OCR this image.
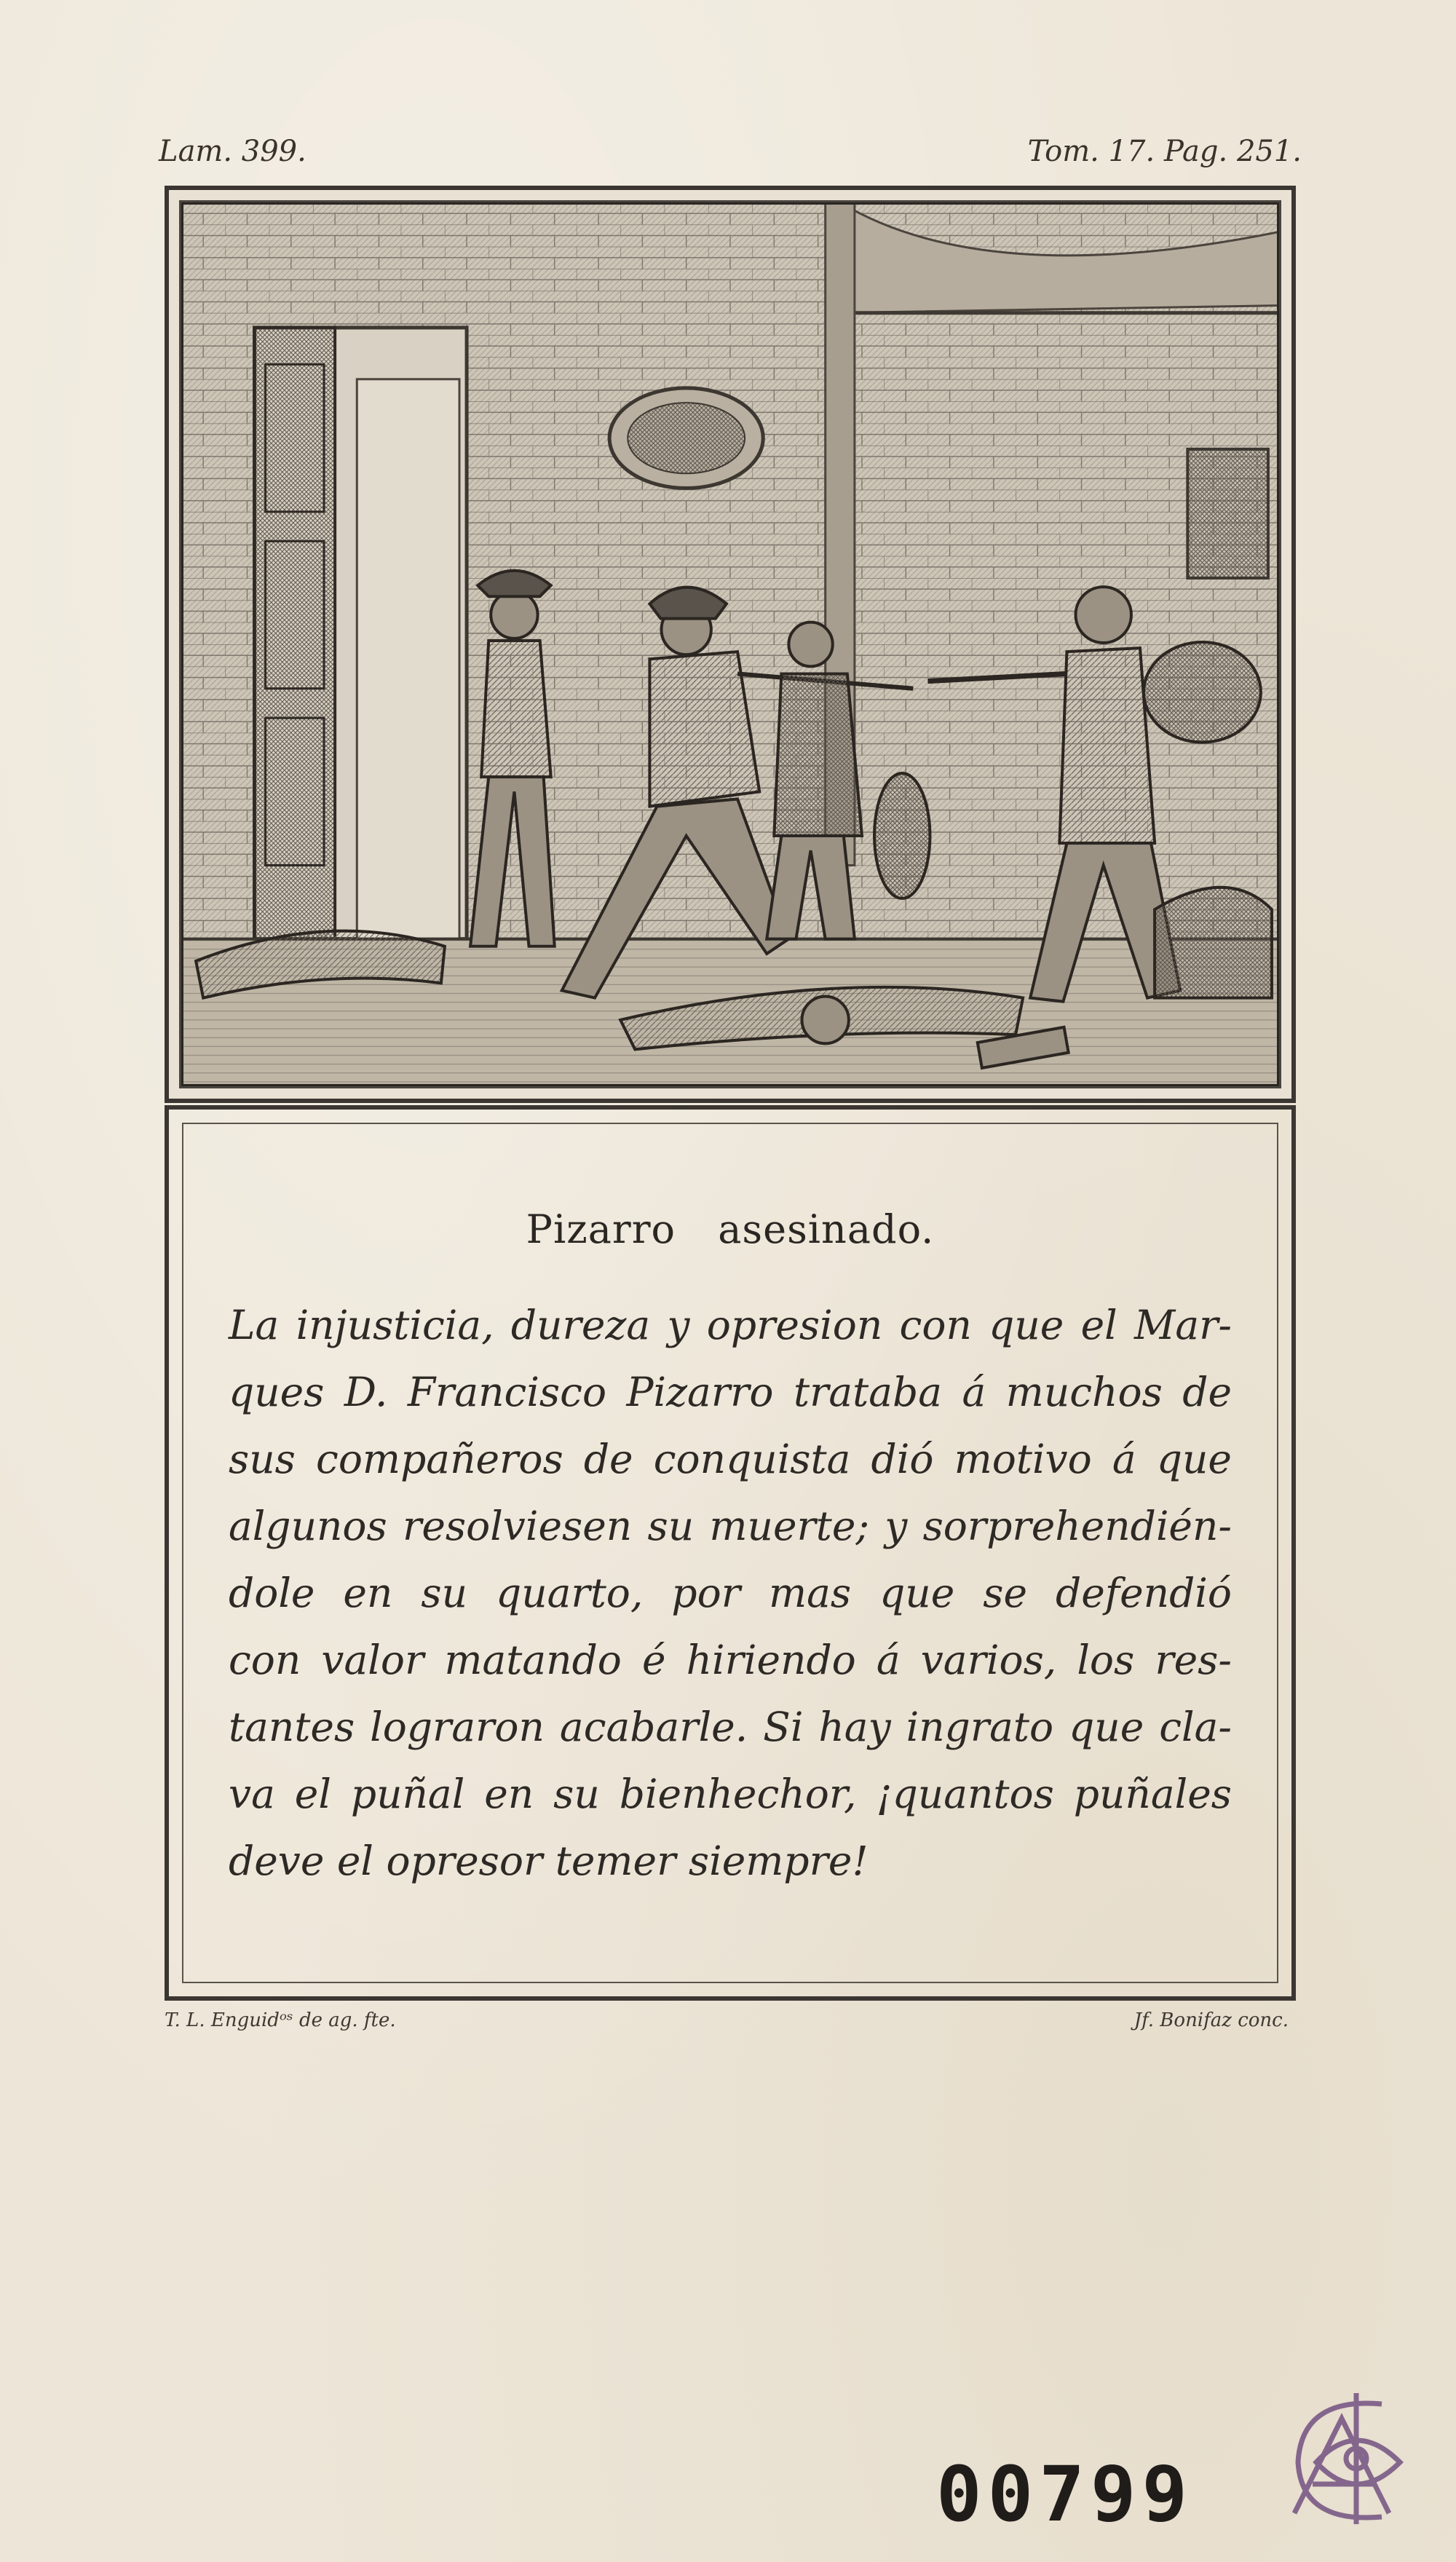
Lam. 399.	Tom. 17. Pag. 251.
Pizarro asesinado.
La injusticia, dureza y opresion con que el Mar-
ques D. Francisco Pizarro trataba á muchos de
sus compañeros de conquista dió motivo á que
algunos resolviesen su muerte; y sorprehendién-
dole en su quarto, por mas que se defendió
con valor matando é hiriendo á varios, los res-
tantes lograron acabarle. Si hay ingrato que cla-
va el puñal en su bienhechor, ¡quantos puñales
deve el opresor temer siempre!
T. L. Enguidᵒˢ de ag. fte.	Jf. Bonifaz conc.
00799
